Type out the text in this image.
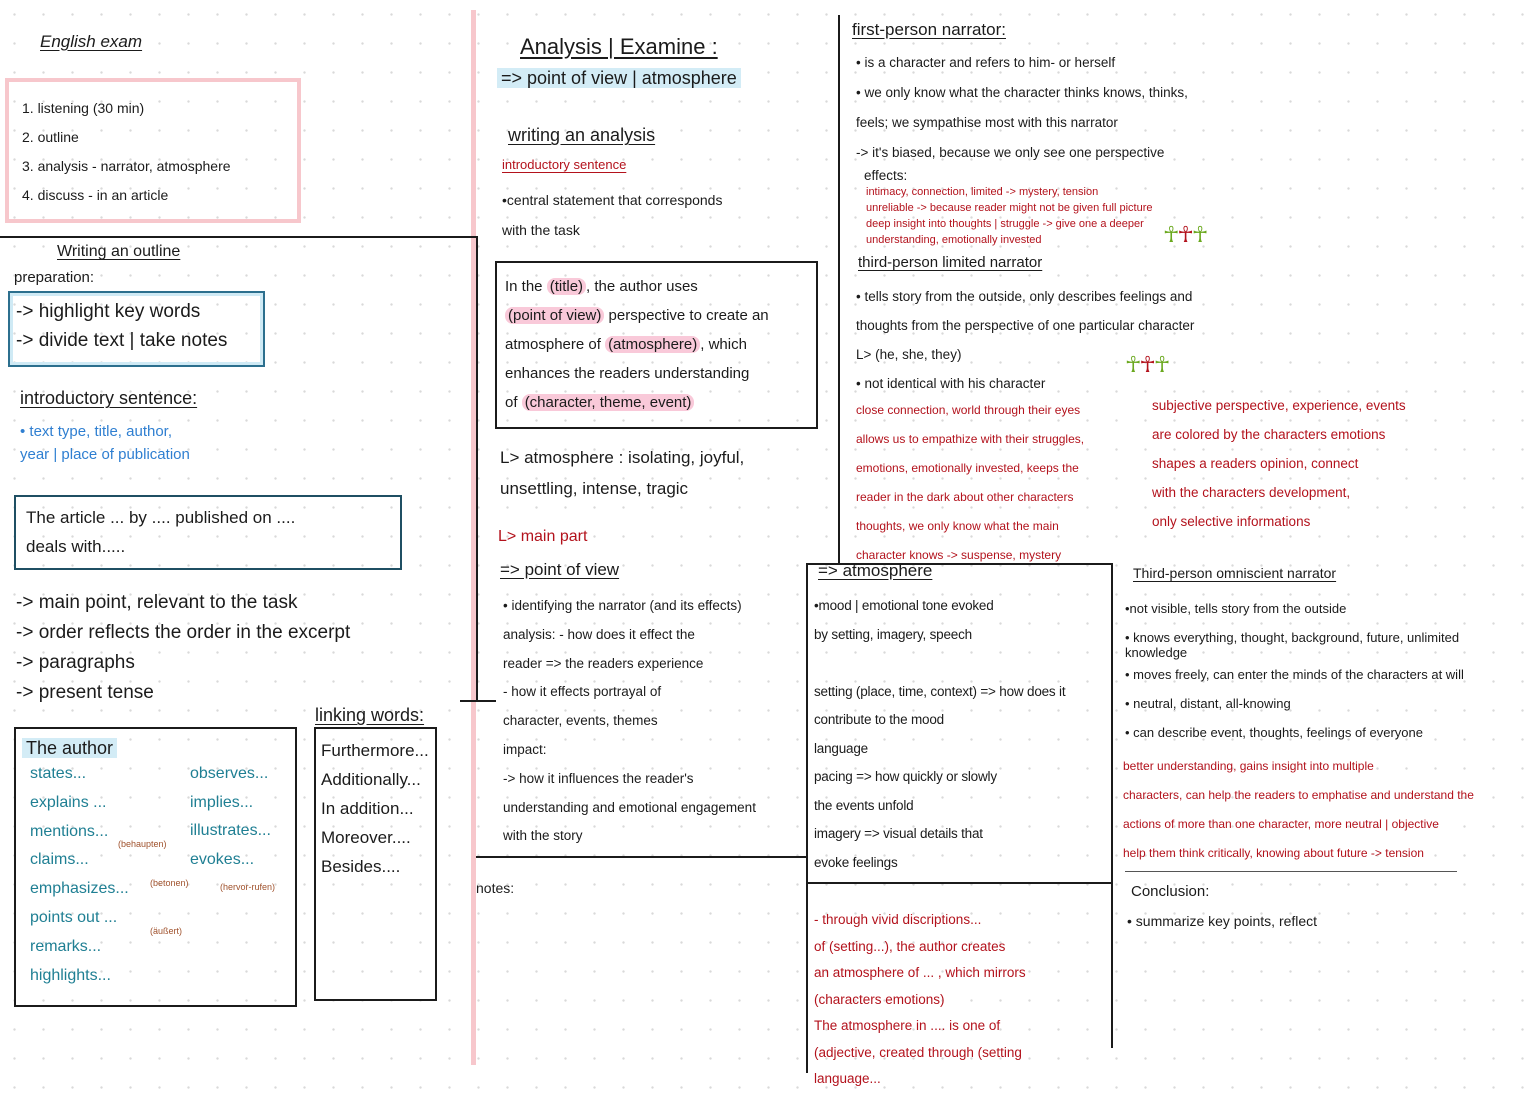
English exam
1. listening (30 min)
2. outline
3. analysis - narrator, atmosphere
4. discuss - in an article
Writing an outline
preparation:
-> highlight key words
-> divide text | take notes
introductory sentence:
• text type, title, author,
year | place of publication
The article ... by .... published on ....
deals with.....
-> main point, relevant to the task
-> order reflects the order in the excerpt
-> paragraphs
-> present tense
The author
states...
explains ...
mentions...
claims...
emphasizes...
points out ...
remarks...
highlights...
observes...
implies...
illustrates...
evokes...
(behaupten)
(betonen)
(äußert)
(hervor-rufen)
linking words:
Furthermore...
Additionally...
In addition...
Moreover....
Besides....
Analysis | Examine :
=> point of view | atmosphere
writing an analysis
introductory sentence
•central statement that corresponds
with the task
In the (title) , the author uses
(point of view) perspective to create an
atmosphere of (atmosphere) , which
enhances the readers understanding
of (character, theme, event)
L> atmosphere : isolating, joyful,
unsettling, intense, tragic
L> main part
=> point of view
• identifying the narrator (and its effects)
analysis: - how does it effect the
reader => the readers experience
- how it effects portrayal of
character, events, themes
impact:
-> how it influences the reader's
understanding and emotional engagement
with the story
notes:
first-person narrator:
• is a character and refers to him- or herself
• we only know what the character thinks knows, thinks,
feels; we sympathise most with this narrator
-> it's biased, because we only see one perspective
effects:
intimacy, connection, limited -> mystery, tension
unreliable -> because reader might not be given full picture
deep insight into thoughts | struggle -> give one a deeper
understanding, emotionally invested	☥☥☥
third-person limited narrator
• tells story from the outside, only describes feelings and
thoughts from the perspective of one particular character
L> (he, she, they)
• not identical with his character
☥☥☥
close connection, world through their eyes
allows us to empathize with their struggles,
emotions, emotionally invested, keeps the
reader in the dark about other characters
thoughts, we only know what the main
character knows -> suspense, mystery
subjective perspective, experience, events
are colored by the characters emotions
shapes a readers opinion, connect
with the characters development,
only selective informations
=> atmosphere
•mood | emotional tone evoked
by setting, imagery, speech

setting (place, time, context) => how does it
contribute to the mood
language
pacing => how quickly or slowly
the events unfold
imagery => visual details that
evoke feelings
- through vivid discriptions...
of (setting...), the author creates
an atmosphere of ... , which mirrors
(characters emotions)
The atmosphere in .... is one of
(adjective, created through (setting
language...
Third-person omniscient narrator
•not visible, tells story from the outside
• knows everything, thought, background, future, unlimited knowledge
• moves freely, can enter the minds of the characters at will
• neutral, distant, all-knowing
• can describe event, thoughts, feelings of everyone
better understanding, gains insight into multiple
characters, can help the readers to emphatise and understand the
actions of more than one character, more neutral | objective
help them think critically, knowing about future -> tension
Conclusion:
• summarize key points, reflect
